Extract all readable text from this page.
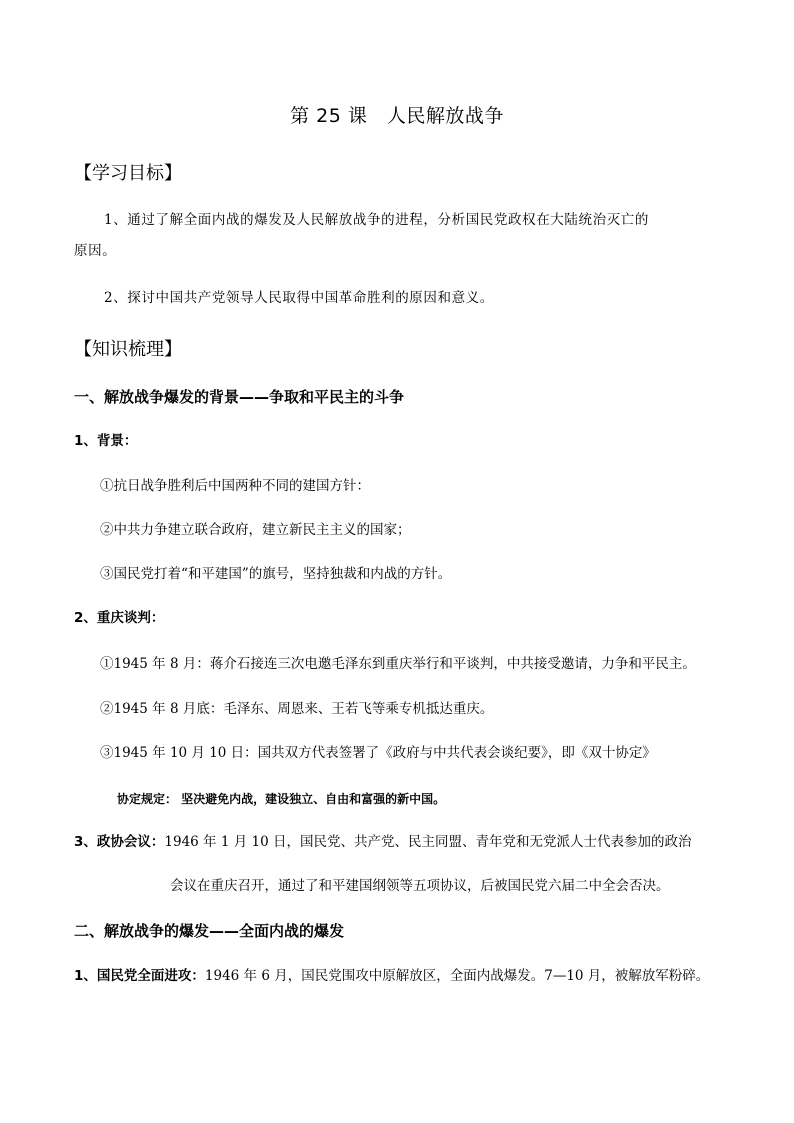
第 25 课　人民解放战争
【学习目标】
1、通过了解全面内战的爆发及人民解放战争的进程，分析国民党政权在大陆统治灭亡的
原因。
2、探讨中国共产党领导人民取得中国革命胜利的原因和意义。
【知识梳理】
一、解放战争爆发的背景——争取和平民主的斗争
1、背景：
①抗日战争胜利后中国两种不同的建国方针：
②中共力争建立联合政府，建立新民主主义的国家；
③国民党打着“和平建国”的旗号，坚持独裁和内战的方针。
2、重庆谈判：
①1945 年 8 月：蒋介石接连三次电邀毛泽东到重庆举行和平谈判，中共接受邀请，力争和平民主。
②1945 年 8 月底：毛泽东、周恩来、王若飞等乘专机抵达重庆。
③1945 年 10 月 10 日：国共双方代表签署了《政府与中共代表会谈纪要》，即《双十协定》
协定规定： 坚决避免内战，建设独立、自由和富强的新中国。
3、政协会议：1946 年 1 月 10 日，国民党、共产党、民主同盟、青年党和无党派人士代表参加的政治
会议在重庆召开，通过了和平建国纲领等五项协议，后被国民党六届二中全会否决。
二、解放战争的爆发——全面内战的爆发
1、国民党全面进攻：1946 年 6 月，国民党围攻中原解放区，全面内战爆发。7—10 月，被解放军粉碎。
